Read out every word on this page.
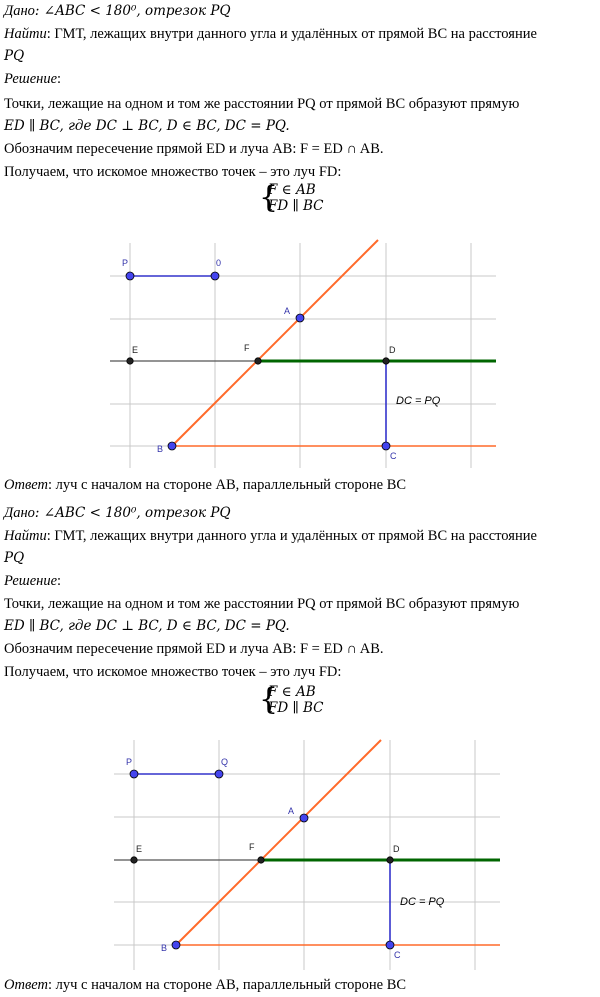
Дано: ∠ABC < 180⁰, отрезок PQ
Найти: ГМТ, лежащих внутри данного угла и удалённых от прямой BC на расстояние
PQ
Решение:
Точки, лежащие на одном и том же расстоянии PQ от прямой BC образуют прямую
ED ∥ BC, где DC ⊥ BC, D ∈ BC, DC = PQ.
Обозначим пересечение прямой ED и луча AB: F = ED ∩ AB.
Получаем, что искомое множество точек – это луч FD:
{
F ∈ AB
FD ∥ BC
P	0
A
E	F	D
B
C
DC = PQ
Ответ: луч с началом на стороне AB, параллельный стороне BC
Дано: ∠ABC < 180⁰, отрезок PQ
Найти: ГМТ, лежащих внутри данного угла и удалённых от прямой BC на расстояние
PQ
Решение:
Точки, лежащие на одном и том же расстоянии PQ от прямой BC образуют прямую
ED ∥ BC, где DC ⊥ BC, D ∈ BC, DC = PQ.
Обозначим пересечение прямой ED и луча AB: F = ED ∩ AB.
Получаем, что искомое множество точек – это луч FD:
{
F ∈ AB
FD ∥ BC
P	Q
A
E	F	D
B
C
DC = PQ
Ответ: луч с началом на стороне AB, параллельный стороне BC
